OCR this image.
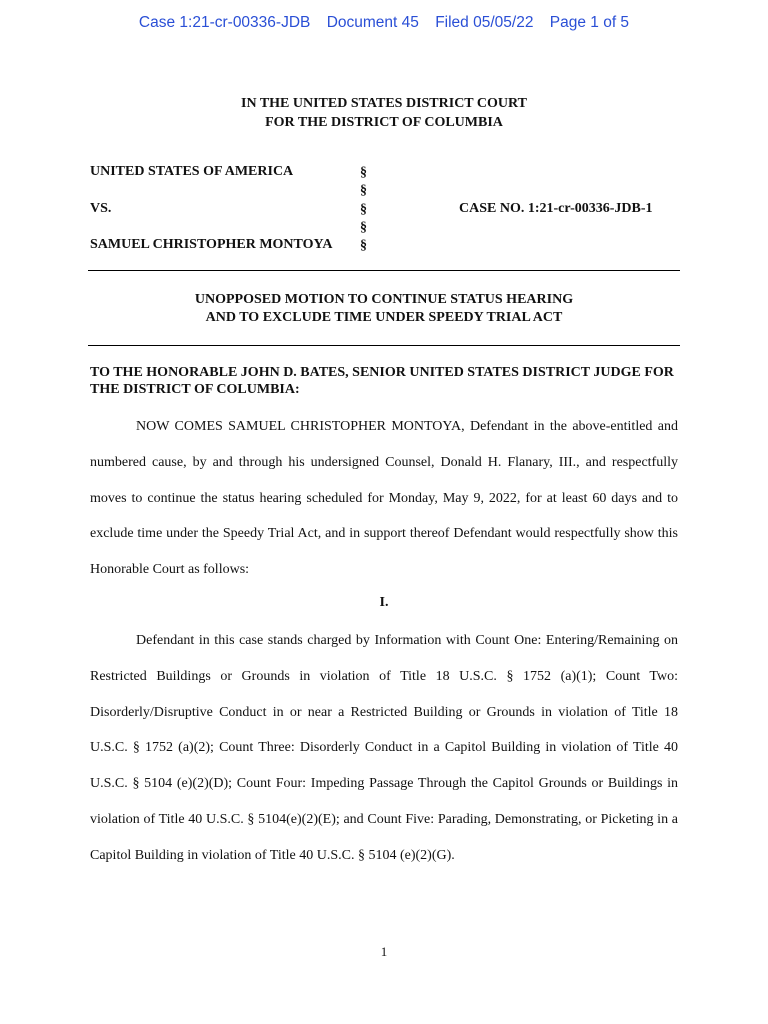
Case 1:21-cr-00336-JDB Document 45 Filed 05/05/22 Page 1 of 5
IN THE UNITED STATES DISTRICT COURT
FOR THE DISTRICT OF COLUMBIA
UNITED STATES OF AMERICA
VS.
SAMUEL CHRISTOPHER MONTOYA
§
§
§
§
§
CASE NO. 1:21-cr-00336-JDB-1
UNOPPOSED MOTION TO CONTINUE STATUS HEARING
AND TO EXCLUDE TIME UNDER SPEEDY TRIAL ACT
TO THE HONORABLE JOHN D. BATES, SENIOR UNITED STATES DISTRICT JUDGE FOR THE DISTRICT OF COLUMBIA:

NOW COMES SAMUEL CHRISTOPHER MONTOYA, Defendant in the above-entitled and numbered cause, by and through his undersigned Counsel, Donald H. Flanary, III., and respectfully moves to continue the status hearing scheduled for Monday, May 9, 2022, for at least 60 days and to exclude time under the Speedy Trial Act, and in support thereof Defendant would respectfully show this Honorable Court as follows:

I.

Defendant in this case stands charged by Information with Count One: Entering/Remaining on Restricted Buildings or Grounds in violation of Title 18 U.S.C. § 1752 (a)(1); Count Two: Disorderly/Disruptive Conduct in or near a Restricted Building or Grounds in violation of Title 18 U.S.C. § 1752 (a)(2); Count Three: Disorderly Conduct in a Capitol Building in violation of Title 40 U.S.C. § 5104 (e)(2)(D); Count Four: Impeding Passage Through the Capitol Grounds or Buildings in violation of Title 40 U.S.C. § 5104(e)(2)(E); and Count Five: Parading, Demonstrating, or Picketing in a Capitol Building in violation of Title 40 U.S.C. § 5104 (e)(2)(G).

1
